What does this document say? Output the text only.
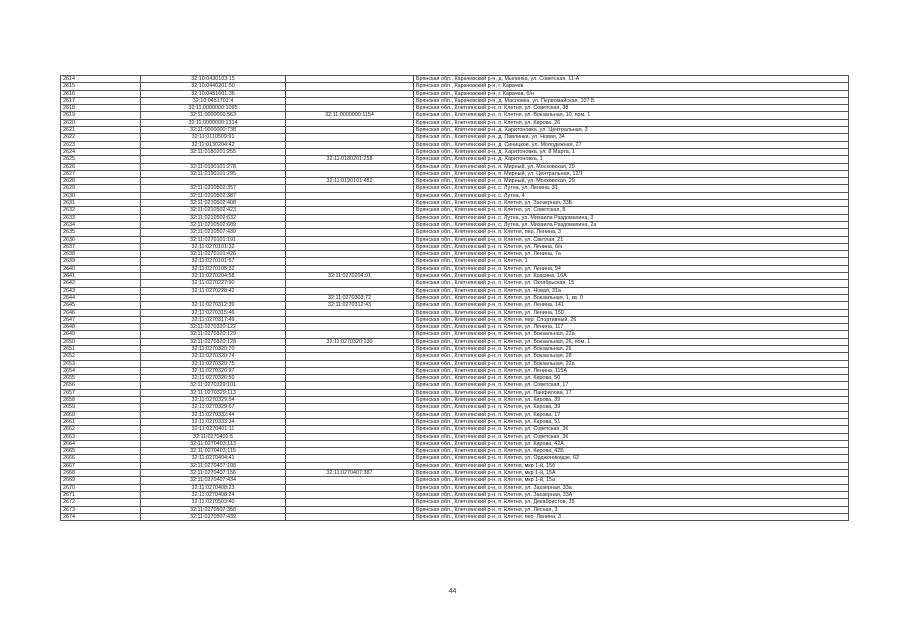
2614	32:10:0430103:15		Брянская обл., Карачевский р-н, д. Мылинка, ул. Советская, 11-А
2615	32:10:0440201:50		Брянская обл., Карачевский р-н, г. Карачев
2616	32:10:0451601:36		Брянская обл., Карачевский р-н, г. Карачев, б/н
2617	32:10:0451701:4		Брянская обл., Карачевский р-н, д. Масловка, ул. Первомайская, 107 Б
2618	32:11:0000000:1095		Брянская обл., Клетнянский р-н, п. Клетня, ул. Советская, 38
2619	32:11:0000000:563	32:11:0000000:1154	Брянская обл., Клетнянский р-н, п. Клетня, ул. Вокзальная, 10, пом. 1
2620	32:11:0000000:1314		Брянская обл., Клетнянский р-н, п. Клетня, ул. Кирова, 26
2621	32:11:0000000:738		Брянская обл., Клетнянский р-н, д. Харитоновка, ул. Центральная, 3
2622	32:11:0110509:91		Брянская обл., Клетнянский р-н, д. Павлинки, ул. Новая, 34
2623	32:11:0130204:42		Брянская обл., Клетнянский р-н, д. Синицкое, ул. Молодежная, 27
2624	32:11:0180201:255		Брянская обл., Клетнянский р-н, д. Харитоновка, ул. 8 Марта, 1
2625		32:11:0180201:258	Брянская обл., Клетнянский р-н, д. Харитоновка, 1
2626	32:11:0190101:278		Брянская обл., Клетнянский р-н, п. Мирный, ул. Московская, 29
2627	32:11:0190101:295		Брянская обл., Клетнянский р-н, п. Мирный, ул. Центральная, 12/1
2628		32:11:0190101:482	Брянская обл., Клетнянский р-н, п. Мирный, ул. Московская, 29
2629	32:11:0210502:357		Брянская обл., Клетнянский р-н, с. Лутна, ул. Ленина, 31
2630	32:11:0210502:387		Брянская обл., Клетнянский р-н, с. Лутна, 4
2631	32:11:0210502:408		Брянская обл., Клетнянский р-н, п. Клетня, ул. Заозерная, 33Б
2632	32:11:0210502:423		Брянская обл., Клетнянский р-н, п. Клетня, ул. Советская, 8
2633	32:11:0210502:632		Брянская обл., Клетнянский р-н, с. Лутна, ул. Михаила Раздомахина, 3
2634	32:11:0210502:689		Брянская обл., Клетнянский р-н, с. Лутна, ул. Михаила Раздомахина, 2а
2635	32:11:0210507:439		Брянская обл., Клетнянский р-н, п. Клетня, пер. Ленина, 3
2636	32:11:0270101:191		Брянская обл., Клетнянский р-н, п. Клетня, ул. Светлая, 21
2637	32:11:0270101:32		Брянская обл., Клетнянский р-н, п. Клетня, ул. Ленина, б/н
2638	32:11:0270101:426		Брянская обл., Клетнянский р-н, п. Клетня, ул. Ленина, 7а
2639	32:11:0270101:57		Брянская обл., Клетнянский р-н, п. Клетня, 1
2640	32:11:0270105:32		Брянская обл., Клетнянский р-н, п. Клетня, ул. Ленина, 94
2641	32:11:0270204:58	32:11:0270204:91	Брянская обл., Клетнянский р-н, п. Клетня, ул. Красина, 16А
2642	32:11:0270227:90		Брянская обл., Клетнянский р-н, п. Клетня, ул. Октябрьская, 15
2643	32:11:0270228:42		Брянская обл., Клетнянский р-н, п. Клетня, ул. Новая, 31а
2644		32:11:0270303:72	Брянская обл., Клетнянский р-н, п. Клетня, ул. Вокзальная, 1, кв. 0
2645	32:11:0270312:39	32:11:0270312:43	Брянская обл., Клетнянский р-н, п. Клетня, ул. Ленина, 141
2646	32:11:0270315:46		Брянская обл., Клетнянский р-н, п. Клетня, ул. Ленина, 150
2647	32:11:0270317:49		Брянская обл., Клетнянский р-н, п. Клетня, пер. Спортивный, 26
2648	32:11:0270320:122		Брянская обл., Клетнянский р-н, п. Клетня, ул. Ленина, 117
2649	32:11:0270320:129		Брянская обл., Клетнянский р-н, п. Клетня, ул. Вокзальная, 22а
2650	32:11:0270320:128	32:11:0270320:130	Брянская обл., Клетнянский р-н, п. Клетня, ул. Вокзальная, 26, пом. 1
2651	32:11:0270320:70		Брянская обл., Клетнянский р-н, п. Клетня, ул. Вокзальная, 26
2652	32:11:0270320:74		Брянская обл., Клетнянский р-н, п. Клетня, ул. Вокзальная, 28
2653	32:11:0270320:75		Брянская обл., Клетнянский р-н, п. Клетня, ул. Вокзальная, 22а
2654	32:11:0270320:97		Брянская обл., Клетнянский р-н, п. Клетня, ул. Ленина, 115А
2655	32:11:0270326:50		Брянская обл., Клетнянский р-н, п. Клетня, ул. Кирова, 50
2656	32:11:0270329:101		Брянская обл., Клетнянский р-н, п. Клетня, ул. Советская, 17
2657	32:11:0270329:113		Брянская обл., Клетнянский р-н, п. Клетня, ул. Панфилова, 17
2658	32:11:0270329:54		Брянская обл., Клетнянский р-н, п. Клетня, ул. Кирова, 39
2659	32:11:0270329:67		Брянская обл., Клетнянский р-н, п. Клетня, ул. Кирова, 39
2660	32:11:0270332:44		Брянская обл., Клетнянский р-н, п. Клетня, ул. Кирова, 17
2661	32:11:0270333:34		Брянская обл., Клетнянский р-н, п. Клетня, ул. Кирова, 51
2662	32:11:0270401:11		Брянская обл., Клетнянский р-н, п. Клетня, ул. Советская, 36
2663	32:11:0270401:5		Брянская обл., Клетнянский р-н, п. Клетня, ул. Советская, 36
2664	32:11:0270403:113		Брянская обл., Клетнянский р-н, п. Клетня, ул. Кирова, 42А
2665	32:11:0270403:115		Брянская обл., Клетнянский р-н, п. Клетня, ул. Кирова, 42Б
2666	32:11:0270404:41		Брянская обл., Клетнянский р-н, п. Клетня, ул. Орджоникидзе, 62
2667	32:11:0270407:108		Брянская обл., Клетнянский р-н, п. Клетня, мкр 1-й, 15б
2668	32:11:0270407:156	32:11:0270407:387	Брянская обл., Клетнянский р-н, п. Клетня, мкр 1-й, 15А
2669	32:11:0270407:434		Брянская обл., Клетнянский р-н, п. Клетня, мкр 1-й, 15а
2670	32:11:0270408:23		Брянская обл., Клетнянский р-н, п. Клетня, ул. Заозерная, 33а
2671	32:11:0270408:24		Брянская обл., Клетнянский р-н, п. Клетня, ул. Заозерная, 33А
2672	32:11:0270503:40		Брянская обл., Клетнянский р-н, п. Клетня, ул. Декабристов, 35
2673	32:11:0270507:358		Брянская обл., Клетнянский р-н, п. Клетня, ул. Лесная, 3
2674	32:11:0270507:439		Брянская обл., Клетнянский р-н, п. Клетня, пер. Ленина, 3
44
